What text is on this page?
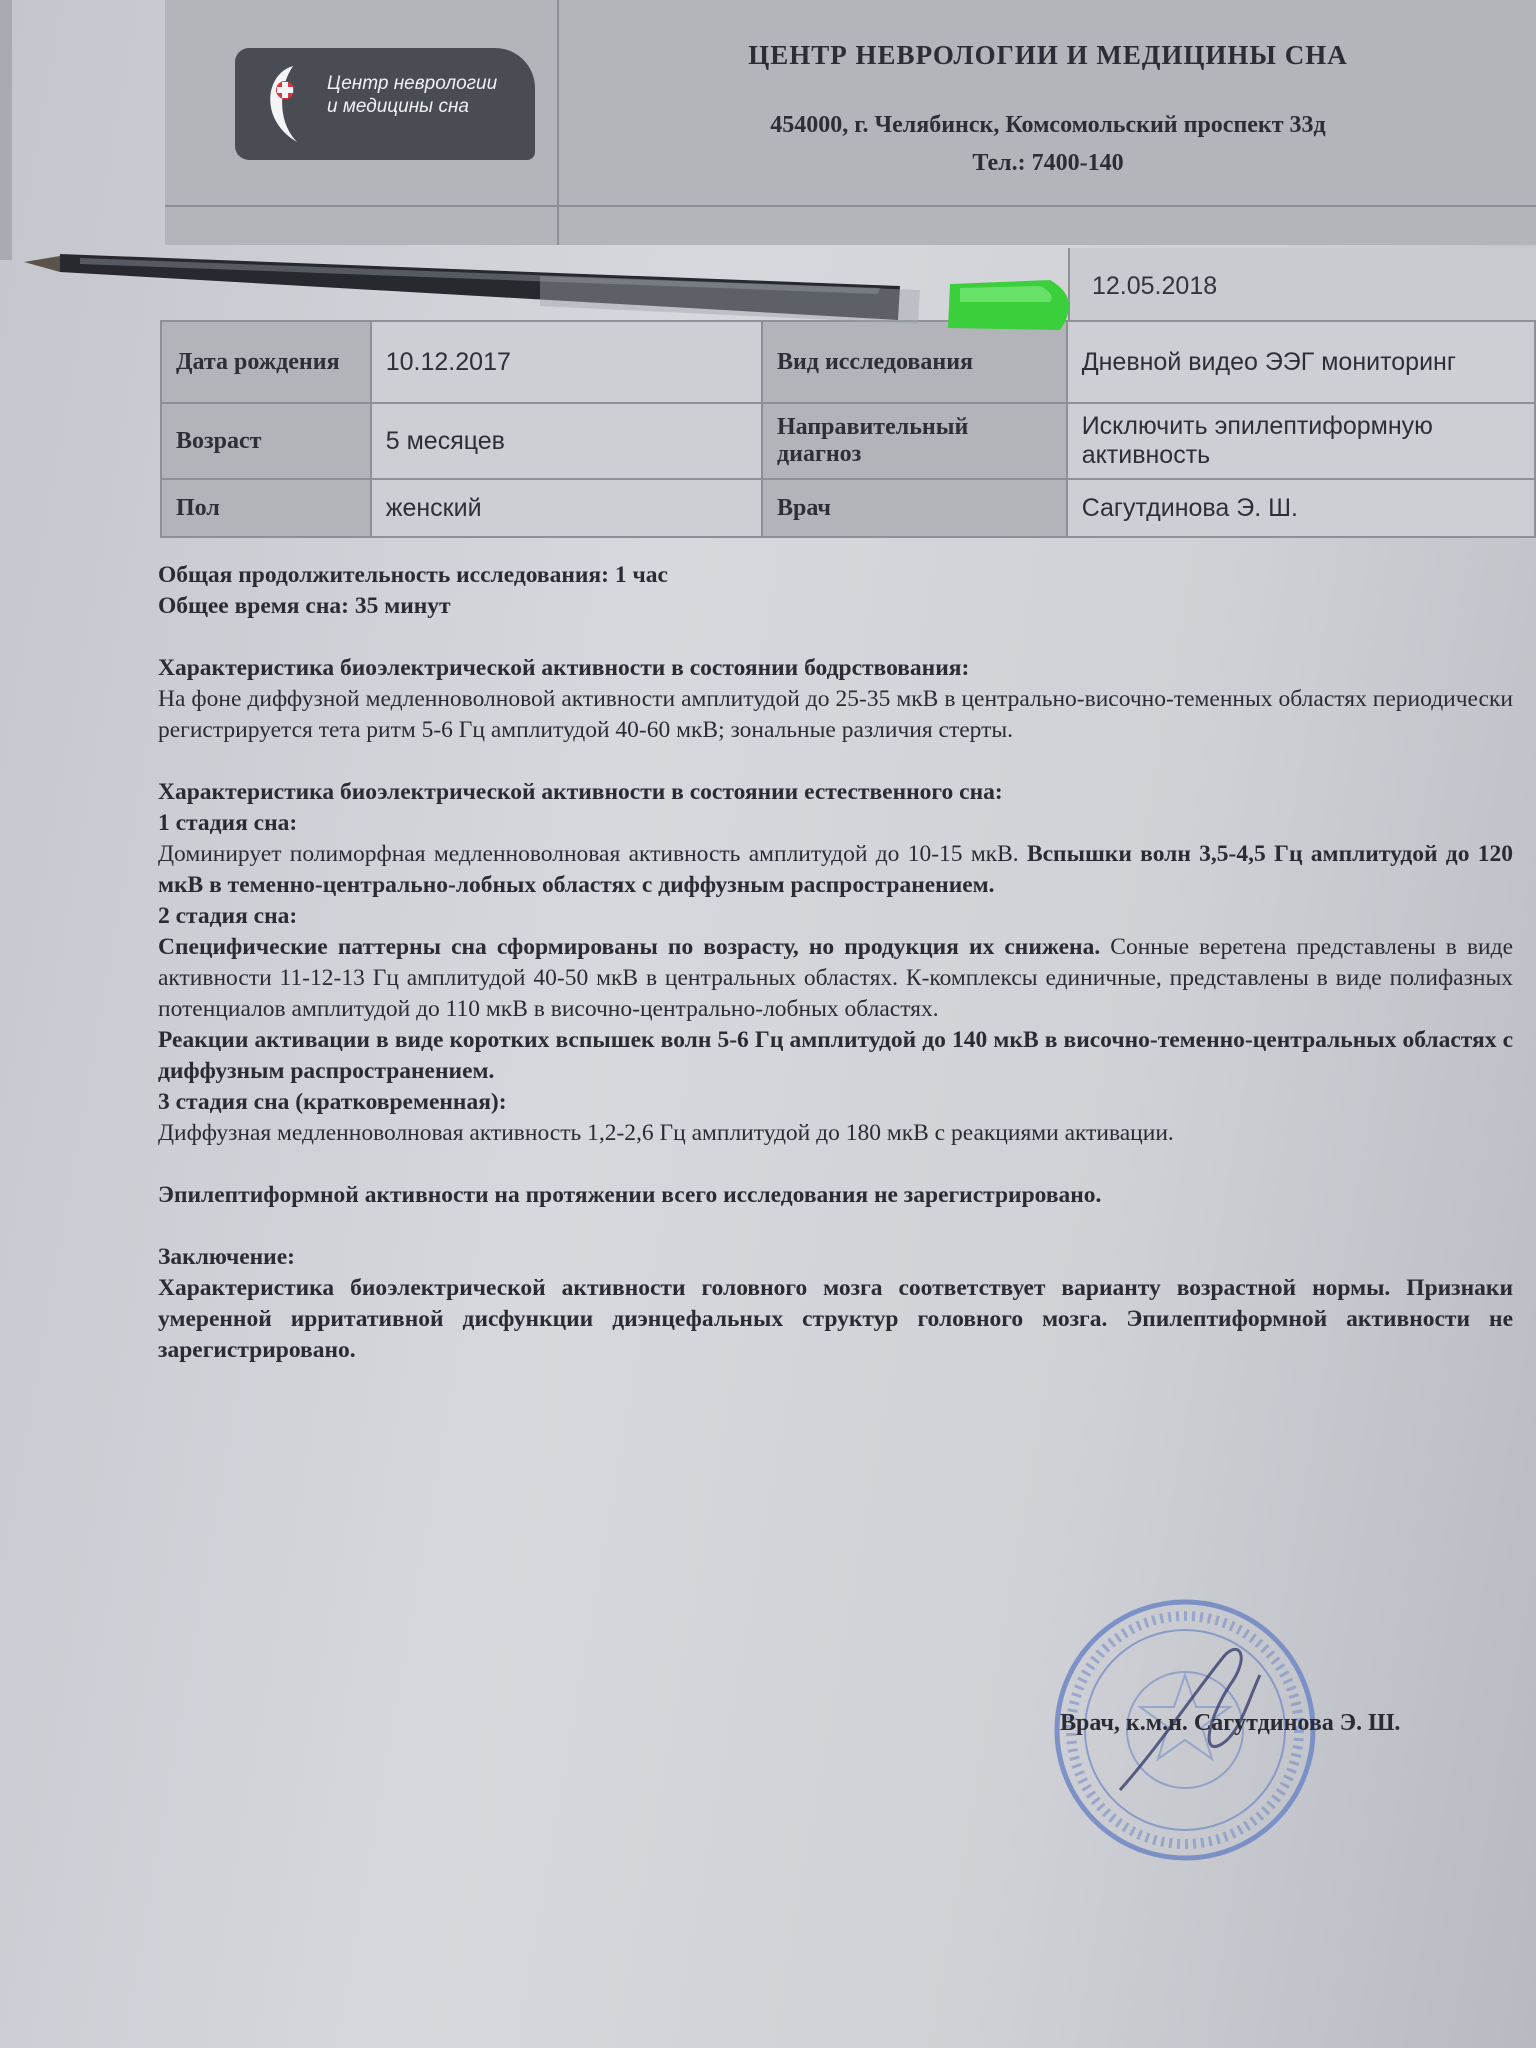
Центр неврологии
и медицины сна
ЦЕНТР НЕВРОЛОГИИ И МЕДИЦИНЫ СНА
454000, г. Челябинск, Комсомольский проспект 33д
Тел.: 7400-140
12.05.2018
Дата рождения	10.12.2017	Вид исследования	Дневной видео ЭЭГ мониторинг
Возраст	5 месяцев	Направительный диагноз	Исключить эпилептиформную активность
Пол	женский	Врач	Сагутдинова Э. Ш.

Общая продолжительность исследования: 1 час

Общее время сна: 35 минут

Характеристика биоэлектрической активности в состоянии бодрствования:

На фоне диффузной медленноволновой активности амплитудой до 25-35 мкВ в центрально-височно-теменных областях периодически регистрируется тета ритм 5-6 Гц амплитудой 40-60 мкВ; зональные различия стерты.

Характеристика биоэлектрической активности в состоянии естественного сна:

1 стадия сна:

Доминирует полиморфная медленноволновая активность амплитудой до 10-15 мкВ. Вспышки волн 3,5-4,5 Гц амплитудой до 120 мкВ в теменно-центрально-лобных областях с диффузным распространением.

2 стадия сна:

Специфические паттерны сна сформированы по возрасту, но продукция их снижена. Сонные веретена представлены в виде активности 11-12-13 Гц амплитудой 40-50 мкВ в центральных областях. К-комплексы единичные, представлены в виде полифазных потенциалов амплитудой до 110 мкВ в височно-центрально-лобных областях.

Реакции активации в виде коротких вспышек волн 5-6 Гц амплитудой до 140 мкВ в височно-теменно-центральных областях с диффузным распространением.

3 стадия сна (кратковременная):

Диффузная медленноволновая активность 1,2-2,6 Гц амплитудой до 180 мкВ с реакциями активации.

Эпилептиформной активности на протяжении всего исследования не зарегистрировано.

Заключение:

Характеристика биоэлектрической активности головного мозга соответствует варианту возрастной нормы. Признаки умеренной ирритативной дисфункции диэнцефальных структур головного мозга. Эпилептиформной активности не зарегистрировано.

Врач, к.м.н. Сагутдинова Э. Ш.
